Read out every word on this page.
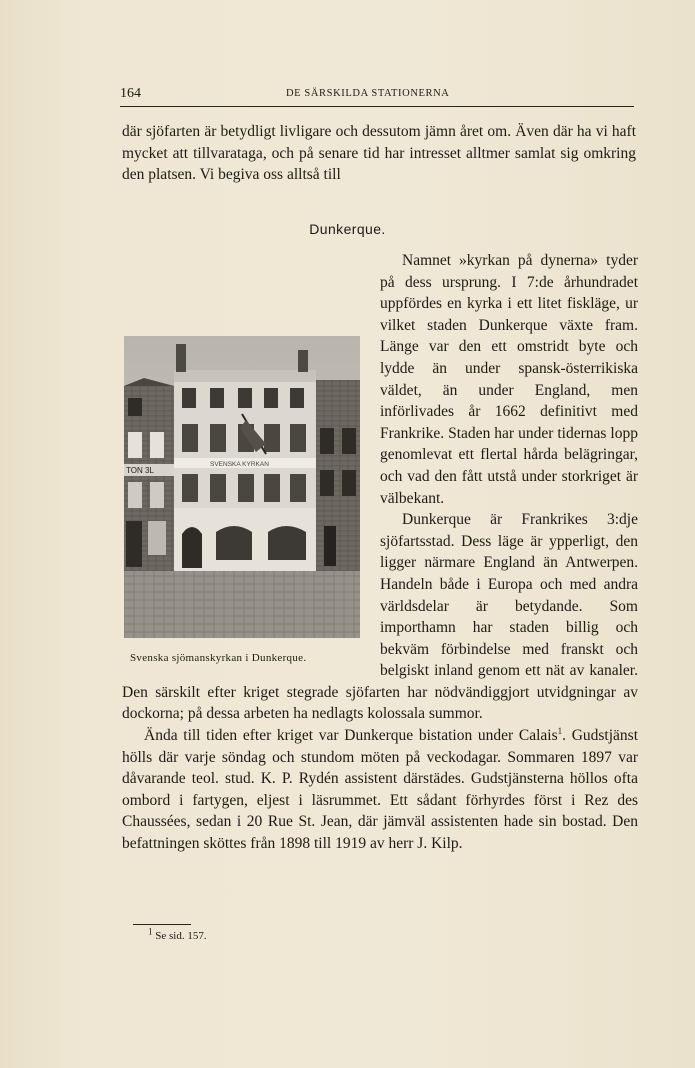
164	DE SÄRSKILDA STATIONERNA

där sjöfarten är betydligt livligare och dessutom jämn året om. Även där ha vi haft mycket att tillvarataga, och på senare tid har intresset alltmer samlat sig omkring den platsen. Vi begiva oss alltså till

Dunkerque.
TON 3L
SVENSKA KYRKAN
Svenska sjömanskyrkan i Dunkerque.

Namnet »kyrkan på dynerna» tyder på dess ursprung. I 7:de århundradet uppfördes en kyrka i ett litet fiskläge, ur vilket staden Dunkerque växte fram. Länge var den ett omstridt byte och lydde än under spansk-österrikiska väldet, än under England, men införlivades år 1662 definitivt med Frankrike. Staden har under tidernas lopp genomlevat ett flertal hårda belägringar, och vad den fått utstå under storkriget är välbekant.

Dunkerque är Frankrikes 3:dje sjöfartsstad. Dess läge är ypperligt, den ligger närmare England än Antwerpen. Handeln både i Europa och med andra världsdelar är betydande. Som importhamn har staden billig och bekväm förbindelse med franskt och belgiskt inland genom ett nät av kanaler. Den särskilt efter kriget stegrade sjöfarten har nödvändiggjort utvidgningar av dockorna; på dessa arbeten ha nedlagts kolossala summor.

Ända till tiden efter kriget var Dunkerque bistation under Calais$^1$. Gudstjänst hölls där varje söndag och stundom möten på veckodagar. Sommaren 1897 var dåvarande teol. stud. K. P. Rydén assistent därstädes. Gudstjänsterna höllos ofta ombord i fartygen, eljest i läsrummet. Ett sådant förhyrdes först i Rez des Chaussées, sedan i 20 Rue St. Jean, där jämväl assistenten hade sin bostad. Den befattningen sköttes från 1898 till 1919 av herr J. Kilp.

$^1$ Se sid. 157.
